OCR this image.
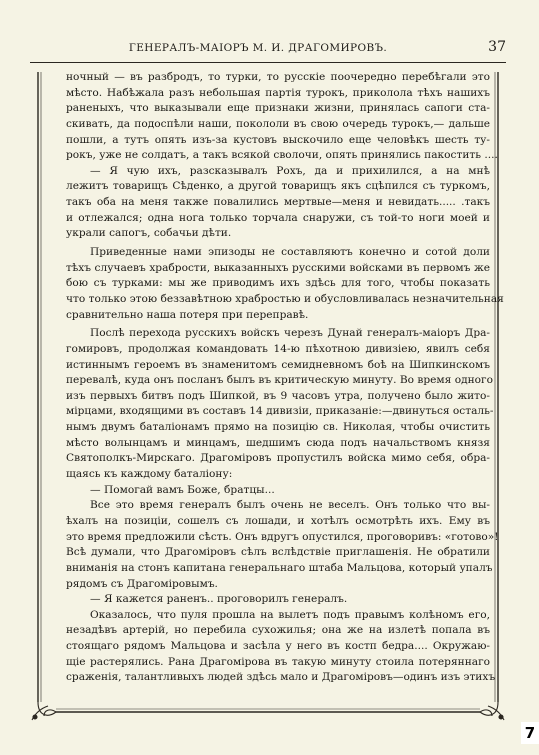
ГЕНЕРАЛЪ-МАІОРЪ М. И. ДРАГОМИРОВЪ.	37
ночный — въ разбродъ, то турки, то русскіе поочередно перебѣгали это
мѣсто. Набѣжала разъ небольшая партія турокъ, приколола тѣхъ нашихъ
раненыхъ, что выказывали еще признаки жизни, принялась сапоги ста-
скивать, да подоспѣли наши, покололи въ свою очередь турокъ,— дальше
пошли, а тутъ опять изъ-за кустовъ выскочило еще человѣкъ шесть ту-
рокъ, уже не солдатъ, а такъ всякой сволочи, опять принялись пакостить ....
— Я чую ихъ, разсказывалъ Рохъ, да и прихилился, а на мнѣ
лежитъ товарищъ Сѣденко, а другой товарищъ якъ сцѣпился съ туркомъ,
такъ оба на меня также повалились мертвые—меня и невидать..... .такъ
и отлежался; одна нога только торчала снаружи, съ той-то ноги моей и
украли сапогъ, собачьи дѣти.
Приведенные нами эпизоды не составляютъ конечно и сотой доли
тѣхъ случаевъ храбрости, выказанныхъ русскими войсками въ первомъ же
бою съ турками: мы же приводимъ ихъ здѣсь для того, чтобы показать
что только этою беззавѣтною храбростью и обусловливалась незначительная
сравнительно наша потеря при переправѣ.
Послѣ перехода русскихъ войскъ черезъ Дунай генералъ-маіоръ Дра-
гомировъ, продолжая командовать 14-ю пѣхотною дивизіею, явилъ себя
истиннымъ героемъ въ знаменитомъ семидневномъ боѣ на Шипкинскомъ
перевалѣ, куда онъ посланъ былъ въ критическую минуту. Во время одного
изъ первыхъ битвъ подъ Шипкой, въ 9 часовъ утра, получено было жито-
мірцами, входящими въ составъ 14 дивизіи, приказаніе:—двинуться осталь-
нымъ двумъ баталіонамъ прямо на позицію св. Николая, чтобы очистить
мѣсто волынцамъ и минцамъ, шедшимъ сюда подъ начальствомъ князя
Святополкъ-Мирскаго. Драгоміровъ пропустилъ войска мимо себя, обра-
щаясь къ каждому баталіону:
— Помогай вамъ Боже, братцы...
Все это время генералъ былъ очень не веселъ. Онъ только что вы-
ѣхалъ на позиціи, сошелъ съ лошади, и хотѣлъ осмотрѣть ихъ. Ему въ
это время предложили сѣсть. Онъ вдругъ опустился, проговоривъ: «готово»!
Всѣ думали, что Драгоміровъ сѣлъ вслѣдствіе приглашенія. Не обратили
вниманія на стонъ капитана генеральнаго штаба Мальцова, который упалъ
рядомъ съ Драгоміровымъ.
— Я кажется раненъ.. проговорилъ генералъ.
Оказалось, что пуля прошла на вылетъ подъ правымъ колѣномъ его,
незадѣвъ артерій, но перебила сухожилья; она же на излетѣ попала въ
стоящаго рядомъ Мальцова и засѣла у него въ костп бедра.... Окружаю-
щіе растерялись. Рана Драгомірова въ такую минуту стоила потеряннаго
сраженія, талантливыхъ людей здѣсь мало и Драгоміровъ—одинъ изъ этихъ
7
